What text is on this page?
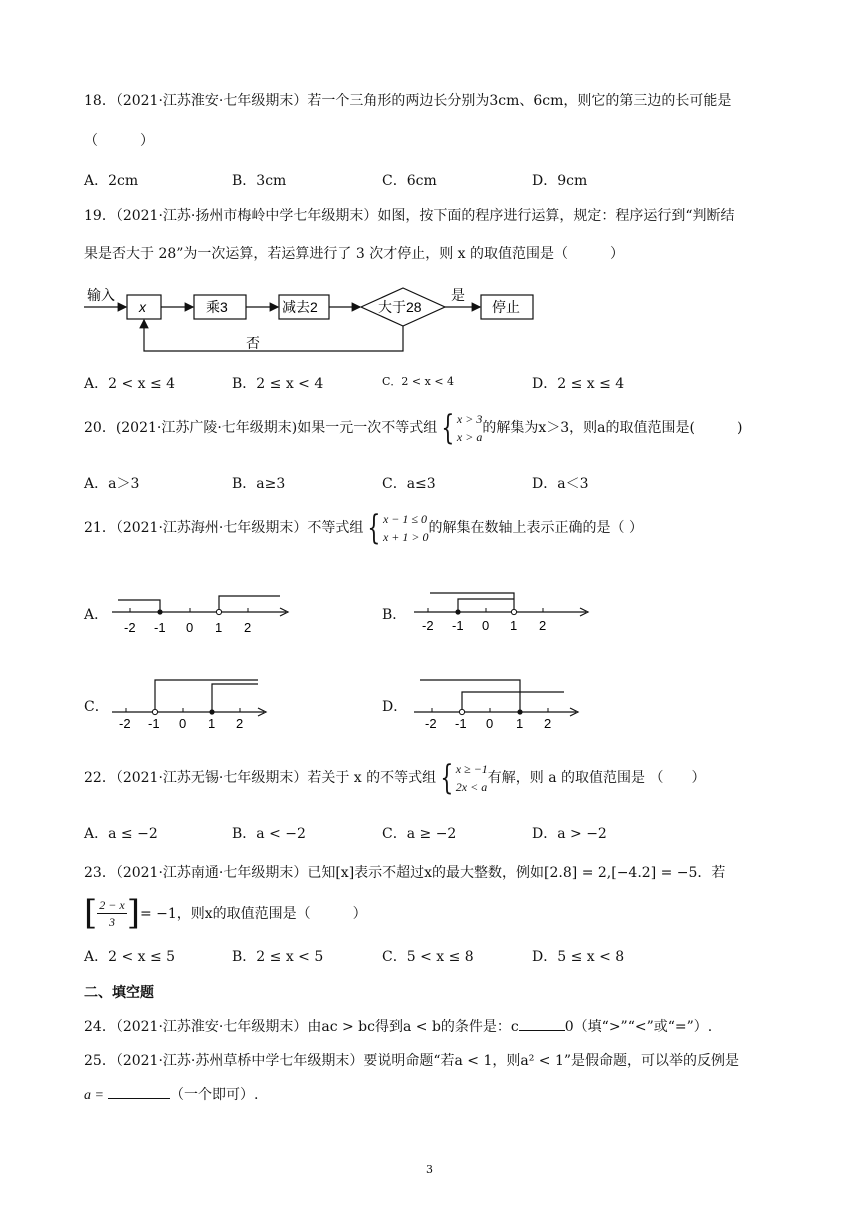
18．（2021·江苏淮安·七年级期末）若一个三角形的两边长分别为3cm、6cm，则它的第三边的长可能是
（　　　）
A．2cm	B．3cm	C．6cm	D．9cm
19．（2021·江苏·扬州市梅岭中学七年级期末）如图，按下面的程序进行运算，规定：程序运行到“判断结
果是否大于 28”为一次运算，若运算进行了 3 次才停止，则 x 的取值范围是（　　　）
输入
x	乘3	减去2	大于28
是
停止
否
A．2 < x ≤ 4	B．2 ≤ x < 4	C．2 < x < 4	D．2 ≤ x ≤ 4
20．(2021·江苏广陵·七年级期末)如果一元一次不等式组 { x > 3
x > a的解集为x＞3，则a的取值范围是(　　　)
A．a＞3	B．a≥3	C．a≤3	D．a＜3
21．（2021·江苏海州·七年级期末）不等式组 { x − 1 ≤ 0
x + 1 > 0的解集在数轴上表示正确的是（ ）
A．	B．
C．	D．
-2 -1 0 1 2	-2 -1 0 1 2
-2 -1 0 1 2	-2 -1 0 1 2
22．（2021·江苏无锡·七年级期末）若关于 x 的不等式组 { x ≥ −1
2x < a有解，则 a 的取值范围是 （　　）
A．a ≤ −2	B．a < −2	C．a ≥ −2	D．a > −2
23．（2021·江苏南通·七年级期末）已知[x]表示不超过x的最大整数，例如[2.8] = 2,[−4.2] = −5．若
[ $\frac{2 - x}{3}$ ]= −1，则x的取值范围是（　　　）
A．2 < x ≤ 5	B．2 ≤ x < 5	C．5 < x ≤ 8	D．5 ≤ x < 8
二、填空题
24．（2021·江苏淮安·七年级期末）由ac > bc得到a < b的条件是：c	0（填“>”“<”或“=”）.
25．（2021·江苏·苏州草桥中学七年级期末）要说明命题“若a < 1，则a² < 1”是假命题，可以举的反例是
a =	（一个即可）.
3
